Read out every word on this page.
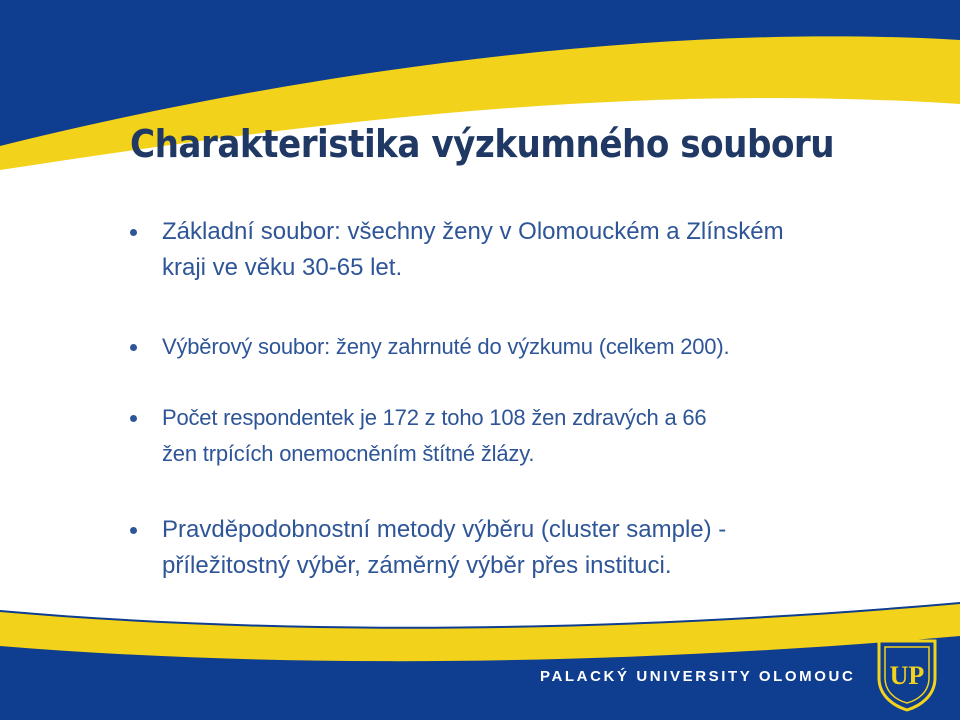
Charakteristika výzkumného souboru
Základní soubor: všechny ženy v Olomouckém a Zlínském
kraji ve věku 30-65 let.
Výběrový soubor: ženy zahrnuté do výzkumu (celkem 200).
Počet respondentek je 172 z toho 108 žen zdravých a 66
žen trpících onemocněním štítné žlázy.
Pravděpodobnostní metody výběru (cluster sample) -
příležitostný výběr, záměrný výběr přes instituci.
PALACKÝ UNIVERSITY OLOMOUC UP
